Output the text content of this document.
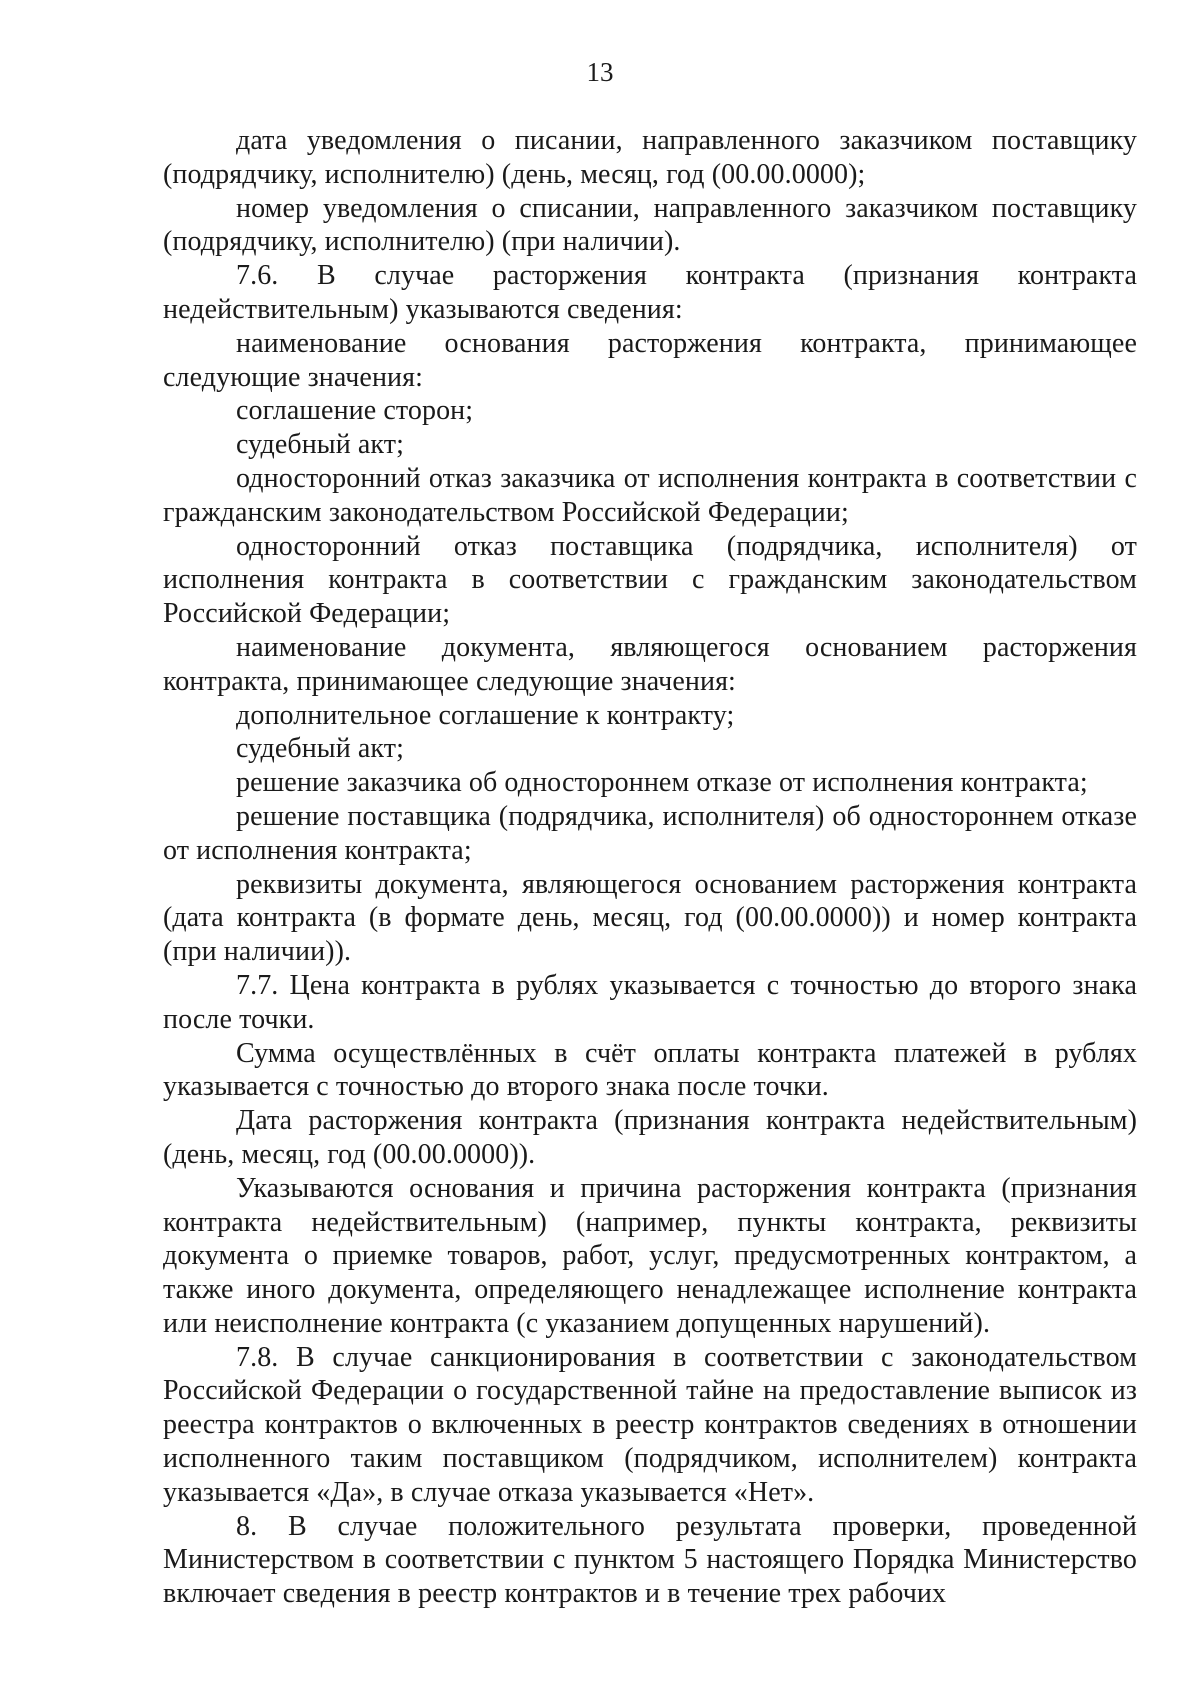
13

дата уведомления о писании, направленного заказчиком поставщику (подрядчику, исполнителю) (день, месяц, год (00.00.0000);

номер уведомления о списании, направленного заказчиком поставщику (подрядчику, исполнителю) (при наличии).

7.6. В случае расторжения контракта (признания контракта недействительным) указываются сведения:

наименование основания расторжения контракта, принимающее следующие значения:

соглашение сторон;

судебный акт;

односторонний отказ заказчика от исполнения контракта в соответствии с гражданским законодательством Российской Федерации;

односторонний отказ поставщика (подрядчика, исполнителя) от исполнения контракта в соответствии с гражданским законодательством Российской Федерации;

наименование документа, являющегося основанием расторжения контракта, принимающее следующие значения:

дополнительное соглашение к контракту;

судебный акт;

решение заказчика об одностороннем отказе от исполнения контракта;

решение поставщика (подрядчика, исполнителя) об одностороннем отказе от исполнения контракта;

реквизиты документа, являющегося основанием расторжения контракта (дата контракта (в формате день, месяц, год (00.00.0000)) и номер контракта (при наличии)).

7.7. Цена контракта в рублях указывается с точностью до второго знака после точки.

Сумма осуществлённых в счёт оплаты контракта платежей в рублях указывается с точностью до второго знака после точки.

Дата расторжения контракта (признания контракта недействительным) (день, месяц, год (00.00.0000)).

Указываются основания и причина расторжения контракта (признания контракта недействительным) (например, пункты контракта, реквизиты документа о приемке товаров, работ, услуг, предусмотренных контрактом, а также иного документа, определяющего ненадлежащее исполнение контракта или неисполнение контракта (с указанием допущенных нарушений).

7.8. В случае санкционирования в соответствии с законодательством Российской Федерации о государственной тайне на предоставление выписок из реестра контрактов о включенных в реестр контрактов сведениях в отношении исполненного таким поставщиком (подрядчиком, исполнителем) контракта указывается «Да», в случае отказа указывается «Нет».

8. В случае положительного результата проверки, проведенной Министерством в соответствии с пунктом 5 настоящего Порядка Министерство включает сведения в реестр контрактов и в течение трех рабочих
